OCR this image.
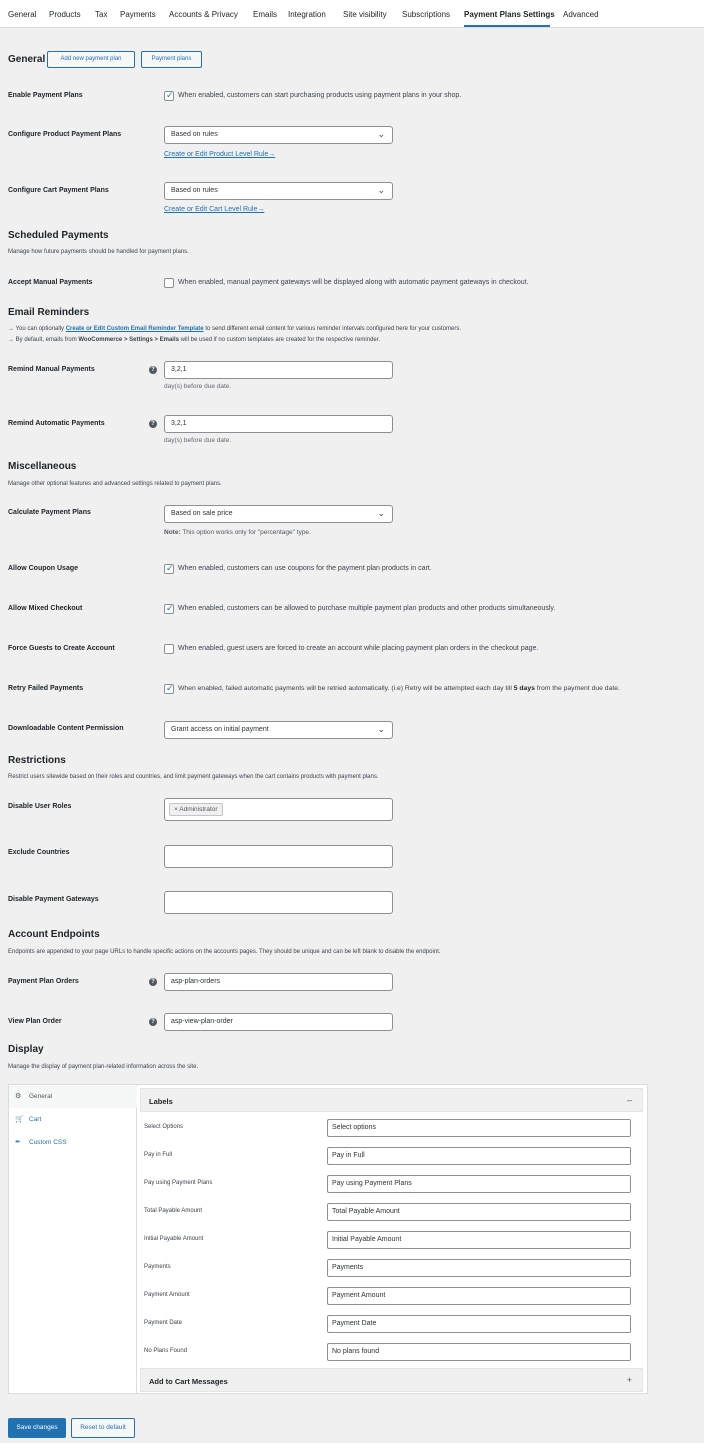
General Products Tax Payments Accounts & Privacy Emails Integration Site visibility Subscriptions Payment Plans Settings Advanced
General	Add new payment plan	Payment plans
Enable Payment Plans ✓	When enabled, customers can start purchasing products using payment plans in your shop.
Configure Product Payment Plans	Based on rules	⌄
Create or Edit Product Level Rule→
Configure Cart Payment Plans	Based on rules	⌄
Create or Edit Cart Level Rule→
Scheduled Payments
Manage how future payments should be handled for payment plans.
Accept Manual Payments	When enabled, manual payment gateways will be displayed along with automatic payment gateways in checkout.
Email Reminders
→ You can optionally Create or Edit Custom Email Reminder Template to send different email content for various reminder intervals configured here for your customers.
→ By default, emails from WooCommerce > Settings > Emails will be used if no custom templates are created for the respective reminder.
Remind Manual Payments	?	3,2,1
day(s) before due date.
Remind Automatic Payments	?	3,2,1
day(s) before due date.
Miscellaneous
Manage other optional features and advanced settings related to payment plans.
Calculate Payment Plans	Based on sale price	⌄
Note: This option works only for "percentage" type.
Allow Coupon Usage ✓	When enabled, customers can use coupons for the payment plan products in cart.
Allow Mixed Checkout ✓	When enabled, customers can be allowed to purchase multiple payment plan products and other products simultaneously.
Force Guests to Create Account	When enabled, guest users are forced to create an account while placing payment plan orders in the checkout page.
Retry Failed Payments ✓	When enabled, failed automatic payments will be retried automatically. (i.e) Retry will be attempted each day till 5 days from the payment due date.
Downloadable Content Permission	Grant access on initial payment	⌄
Restrictions
Restrict users sitewide based on their roles and countries, and limit payment gateways when the cart contains products with payment plans.
Disable User Roles	× Administrator
Exclude Countries
Disable Payment Gateways
Account Endpoints
Endpoints are appended to your page URLs to handle specific actions on the accounts pages. They should be unique and can be left blank to disable the endpoint.
Payment Plan Orders	?	asp-plan-orders
View Plan Order	?	asp-view-plan-order
Display
Manage the display of payment plan-related information across the site.
⚙ General
🛒 Cart
✒ Custom CSS
Labels	–
Select Options	Select options
Pay in Full	Pay in Full
Pay using Payment Plans	Pay using Payment Plans
Total Payable Amount	Total Payable Amount
Initial Payable Amount	Initial Payable Amount
Payments	Payments
Payment Amount	Payment Amount
Payment Date	Payment Date
No Plans Found	No plans found
Add to Cart Messages	+
Save changes	Reset to default
